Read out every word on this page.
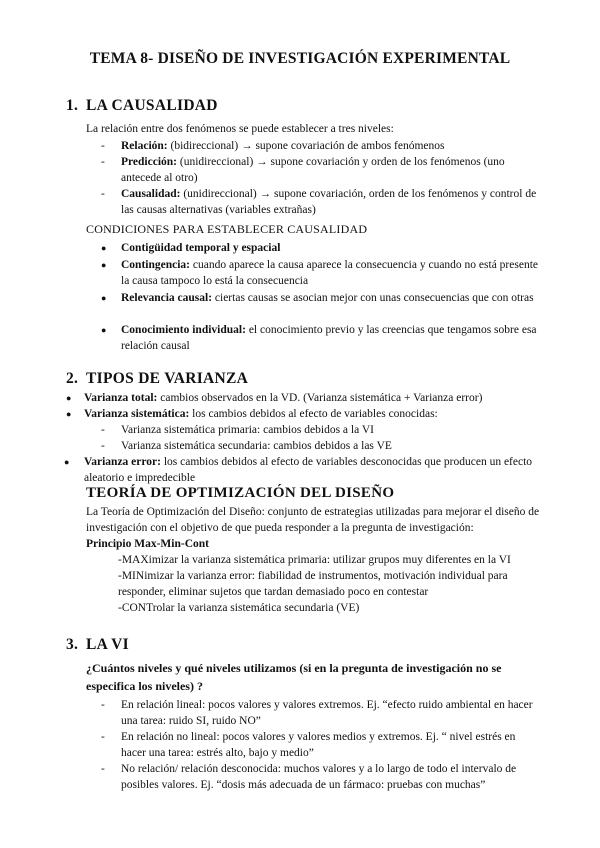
TEMA 8- DISEÑO DE INVESTIGACIÓN EXPERIMENTAL
1. LA CAUSALIDAD
La relación entre dos fenómenos se puede establecer a tres niveles:
- Relación: (bidireccional) → supone covariación de ambos fenómenos
- Predicción: (unidireccional) → supone covariación y orden de los fenómenos (uno antecede al otro)
- Causalidad: (unidireccional) → supone covariación, orden de los fenómenos y control de las causas alternativas (variables extrañas)
CONDICIONES PARA ESTABLECER CAUSALIDAD
● Contigüidad temporal y espacial
● Contingencia: cuando aparece la causa aparece la consecuencia y cuando no está presente la causa tampoco lo está la consecuencia
● Relevancia causal: ciertas causas se asocian mejor con unas consecuencias que con otras
● Conocimiento individual: el conocimiento previo y las creencias que tengamos sobre esa relación causal
2. TIPOS DE VARIANZA
● Varianza total: cambios observados en la VD. (Varianza sistemática + Varianza error)
● Varianza sistemática: los cambios debidos al efecto de variables conocidas:
- Varianza sistemática primaria: cambios debidos a la VI
- Varianza sistemática secundaria: cambios debidos a las VE
● Varianza error: los cambios debidos al efecto de variables desconocidas que producen un efecto aleatorio e impredecible
TEORÍA DE OPTIMIZACIÓN DEL DISEÑO
La Teoría de Optimización del Diseño: conjunto de estrategias utilizadas para mejorar el diseño de investigación con el objetivo de que pueda responder a la pregunta de investigación:
Principio Max-Min-Cont
-MAXimizar la varianza sistemática primaria: utilizar grupos muy diferentes en la VI
-MINimizar la varianza error: fiabilidad de instrumentos, motivación individual para responder, eliminar sujetos que tardan demasiado poco en contestar
-CONTrolar la varianza sistemática secundaria (VE)
3. LA VI
¿Cuántos niveles y qué niveles utilizamos (si en la pregunta de investigación no se especifica los niveles) ?
- En relación lineal: pocos valores y valores extremos. Ej. “efecto ruido ambiental en hacer una tarea: ruido SI, ruido NO”
- En relación no lineal: pocos valores y valores medios y extremos. Ej. “ nivel estrés en hacer una tarea: estrés alto, bajo y medio”
- No relación/ relación desconocida: muchos valores y a lo largo de todo el intervalo de posibles valores. Ej. “dosis más adecuada de un fármaco: pruebas con muchas”
